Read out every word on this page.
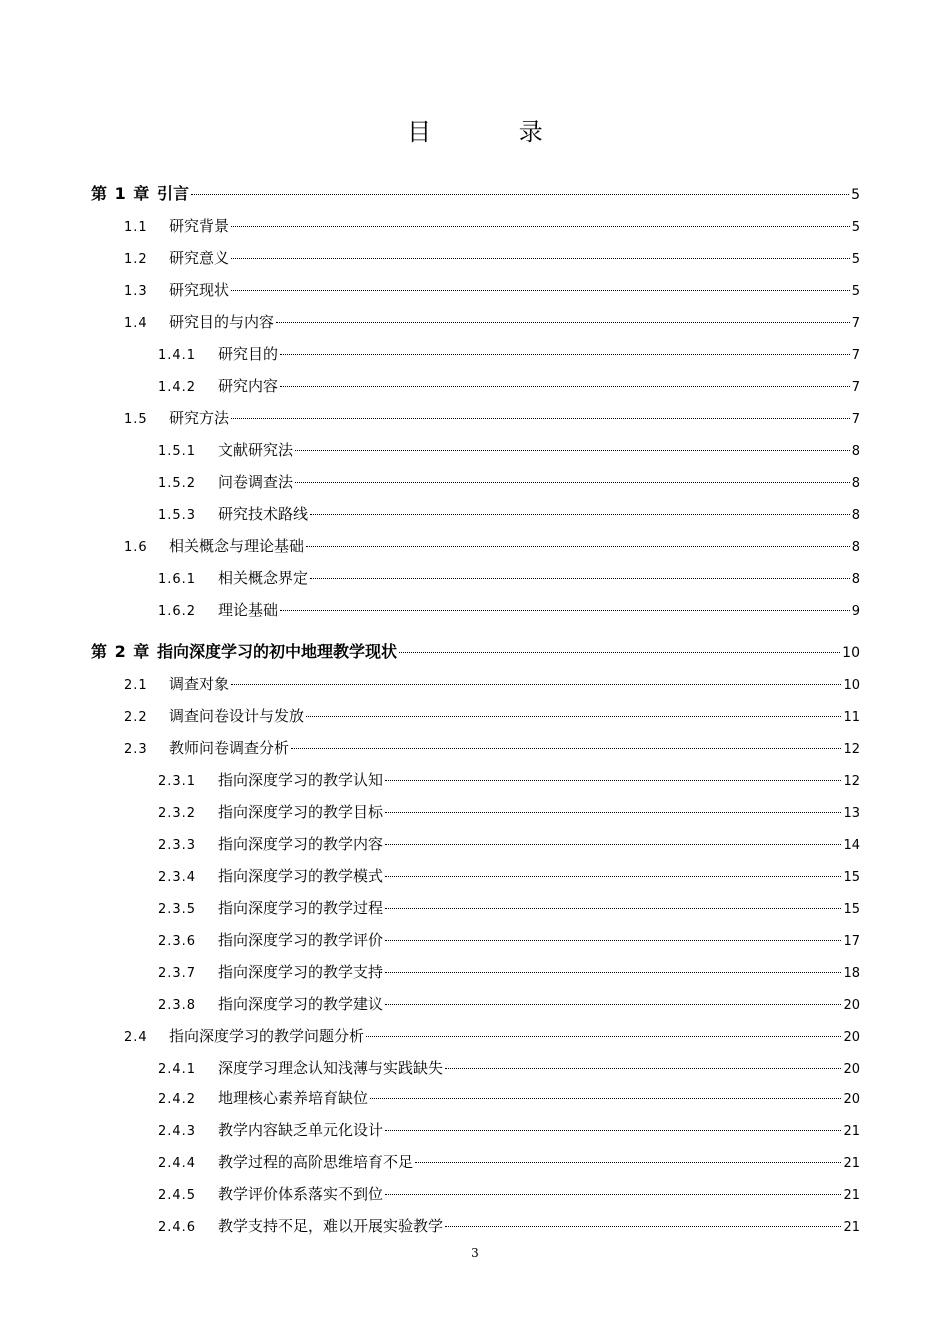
目 录
第 1 章 引言	5
1.1	研究背景	5
1.2	研究意义	5
1.3	研究现状	5
1.4	研究目的与内容	7
1.4.1	研究目的	7
1.4.2	研究内容	7
1.5	研究方法	7
1.5.1	文献研究法	8
1.5.2	问卷调查法	8
1.5.3	研究技术路线	8
1.6	相关概念与理论基础	8
1.6.1	相关概念界定	8
1.6.2	理论基础	9
第 2 章 指向深度学习的初中地理教学现状	10
2.1	调查对象	10
2.2	调查问卷设计与发放	11
2.3	教师问卷调查分析	12
2.3.1	指向深度学习的教学认知	12
2.3.2	指向深度学习的教学目标	13
2.3.3	指向深度学习的教学内容	14
2.3.4	指向深度学习的教学模式	15
2.3.5	指向深度学习的教学过程	15
2.3.6	指向深度学习的教学评价	17
2.3.7	指向深度学习的教学支持	18
2.3.8	指向深度学习的教学建议	20
2.4	指向深度学习的教学问题分析	20
2.4.1	深度学习理念认知浅薄与实践缺失	20
2.4.2	地理核心素养培育缺位	20
2.4.3	教学内容缺乏单元化设计	21
2.4.4	教学过程的高阶思维培育不足	21
2.4.5	教学评价体系落实不到位	21
2.4.6	教学支持不足，难以开展实验教学	21
3
